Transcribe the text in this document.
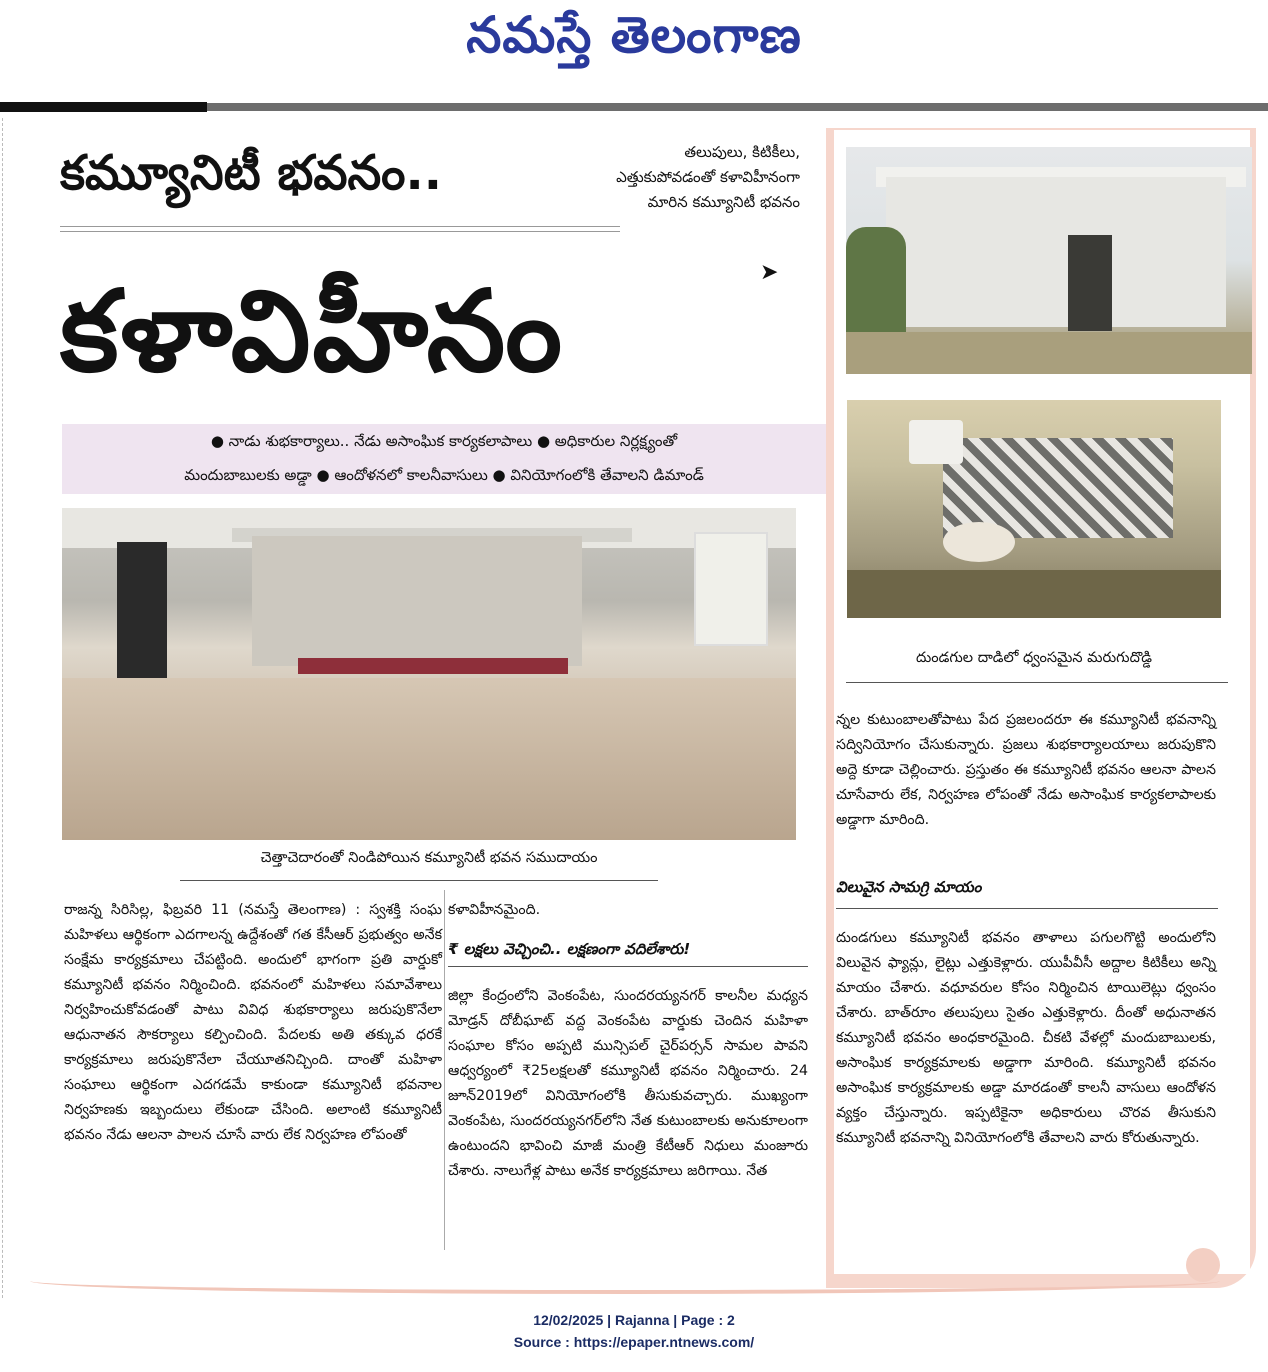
నమస్తే తెలంగాణ
కమ్యూనిటీ భవనం..	తలుపులు, కిటికీలు, ఎత్తుకుపోవడంతో కళావిహీనంగా మారిన కమ్యూనిటీ భవనం
➤
కళావిహీనం
● నాడు శుభకార్యాలు.. నేడు అసాంఘిక కార్యకలాపాలు ● అధికారుల నిర్లక్ష్యంతో
మందుబాబులకు అడ్డా ● ఆందోళనలో కాలనీవాసులు ● వినియోగంలోకి తేవాలని డిమాండ్
చెత్తాచెదారంతో నిండిపోయిన కమ్యూనిటీ భవన సముదాయం
దుండగుల దాడిలో ధ్వంసమైన మరుగుదొడ్డి
రాజన్న సిరిసిల్ల, ఫిబ్రవరి 11 (నమస్తే తెలంగాణ) : స్వశక్తి సంఘ మహిళలు ఆర్థికంగా ఎదగాలన్న ఉద్దేశంతో గత కేసీఆర్ ప్రభుత్వం అనేక సంక్షేమ కార్యక్రమాలు చేపట్టింది. అందులో భాగంగా ప్రతి వార్డుకో కమ్యూనిటీ భవనం నిర్మించింది. భవనంలో మహిళలు సమావేశాలు నిర్వహించుకోవడంతో పాటు వివిధ శుభకార్యాలు జరుపుకొనేలా ఆధునాతన సౌకర్యాలు కల్పించింది. పేదలకు అతి తక్కువ ధరకే కార్యక్రమాలు జరుపుకొనేలా చేయూతనిచ్చింది. దాంతో మహిళా సంఘాలు ఆర్థికంగా ఎదగడమే కాకుండా కమ్యూనిటీ భవనాల నిర్వహణకు ఇబ్బందులు లేకుండా చేసింది. అలాంటి కమ్యూనిటీ భవనం నేడు ఆలనా పాలన చూసే వారు లేక నిర్వహణ లోపంతో
కళావిహీనమైంది.
₹ లక్షలు వెచ్చించి.. లక్షణంగా వదిలేశారు!
జిల్లా కేంద్రంలోని వెంకంపేట, సుందరయ్యనగర్ కాలనీల మధ్యన మోడ్రన్ దోబీఘాట్ వద్ద వెంకంపేట వార్డుకు చెందిన మహిళా సంఘాల కోసం అప్పటి మున్సిపల్ చైర్‌పర్సన్ సామల పావని ఆధ్వర్యంలో ₹25లక్షలతో కమ్యూనిటీ భవనం నిర్మించారు. 24 జూన్2019లో వినియోగంలోకి తీసుకువచ్చారు. ముఖ్యంగా వెంకంపేట, సుందరయ్యనగర్‌లోని నేత కుటుంబాలకు అనుకూలంగా ఉంటుందని భావించి మాజీ మంత్రి కేటీఆర్ నిధులు మంజూరు చేశారు. నాలుగేళ్ల పాటు అనేక కార్యక్రమాలు జరిగాయి. నేత
న్నల కుటుంబాలతోపాటు పేద ప్రజలందరూ ఈ కమ్యూనిటీ భవనాన్ని సద్వినియోగం చేసుకున్నారు. ప్రజలు శుభకార్యాలయాలు జరుపుకొని అద్దె కూడా చెల్లించారు. ప్రస్తుతం ఈ కమ్యూనిటీ భవనం ఆలనా పాలన చూసేవారు లేక, నిర్వహణ లోపంతో నేడు అసాంఘిక కార్యకలాపాలకు అడ్డాగా మారింది.
విలువైన సామగ్రి మాయం
దుండగులు కమ్యూనిటీ భవనం తాళాలు పగులగొట్టి అందులోని విలువైన ఫ్యాన్లు, లైట్లు ఎత్తుకెళ్లారు. యుపీవీసీ అద్దాల కిటికీలు అన్ని మాయం చేశారు. వధూవరుల కోసం నిర్మించిన టాయిలెట్లు ధ్వంసం చేశారు. బాత్‌రూం తలుపులు సైతం ఎత్తుకెళ్లారు. దీంతో అధునాతన కమ్యూనిటీ భవనం అంధకారమైంది. చీకటి వేళల్లో మందుబాబులకు, అసాంఘిక కార్యక్రమాలకు అడ్డాగా మారింది. కమ్యూనిటీ భవనం అసాంఘిక కార్యక్రమాలకు అడ్డా మారడంతో కాలనీ వాసులు ఆందోళన వ్యక్తం చేస్తున్నారు. ఇప్పటికైనా అధికారులు చొరవ తీసుకుని కమ్యూనిటీ భవనాన్ని వినియోగంలోకి తేవాలని వారు కోరుతున్నారు.
12/02/2025 | Rajanna | Page : 2
Source : https://epaper.ntnews.com/
